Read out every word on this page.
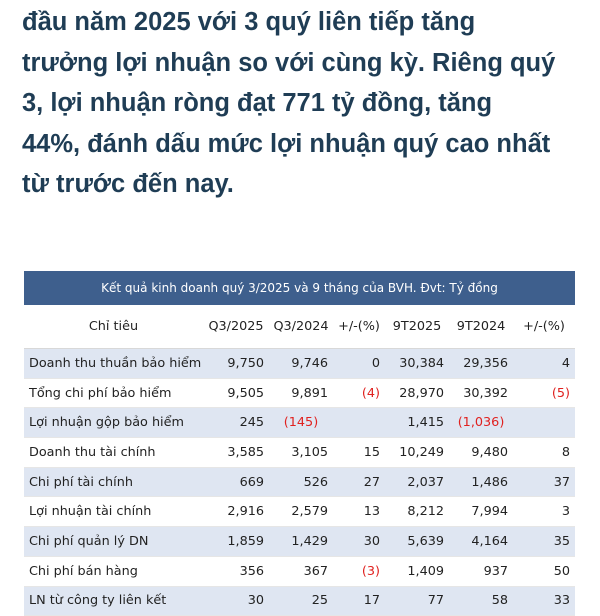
đầu năm 2025 với 3 quý liên tiếp tăng
trưởng lợi nhuận so với cùng kỳ. Riêng quý
3, lợi nhuận ròng đạt 771 tỷ đồng, tăng
44%, đánh dấu mức lợi nhuận quý cao nhất
từ trước đến nay.
Kết quả kinh doanh quý 3/2025 và 9 tháng của BVH. Đvt: Tỷ đồng
Chỉ tiêu	Q3/2025	Q3/2024	+/-(%)	9T2025	9T2024	+/-(%)
Doanh thu thuần bảo hiểm	9,750	9,746	0	30,384	29,356	4
Tổng chi phí bảo hiểm	9,505	9,891	(4)	28,970	30,392	(5)
Lợi nhuận gộp bảo hiểm	245	(145)		1,415	(1,036)	
Doanh thu tài chính	3,585	3,105	15	10,249	9,480	8
Chi phí tài chính	669	526	27	2,037	1,486	37
Lợi nhuận tài chính	2,916	2,579	13	8,212	7,994	3
Chi phí quản lý DN	1,859	1,429	30	5,639	4,164	35
Chi phí bán hàng	356	367	(3)	1,409	937	50
LN từ công ty liên kết	30	25	17	77	58	33
